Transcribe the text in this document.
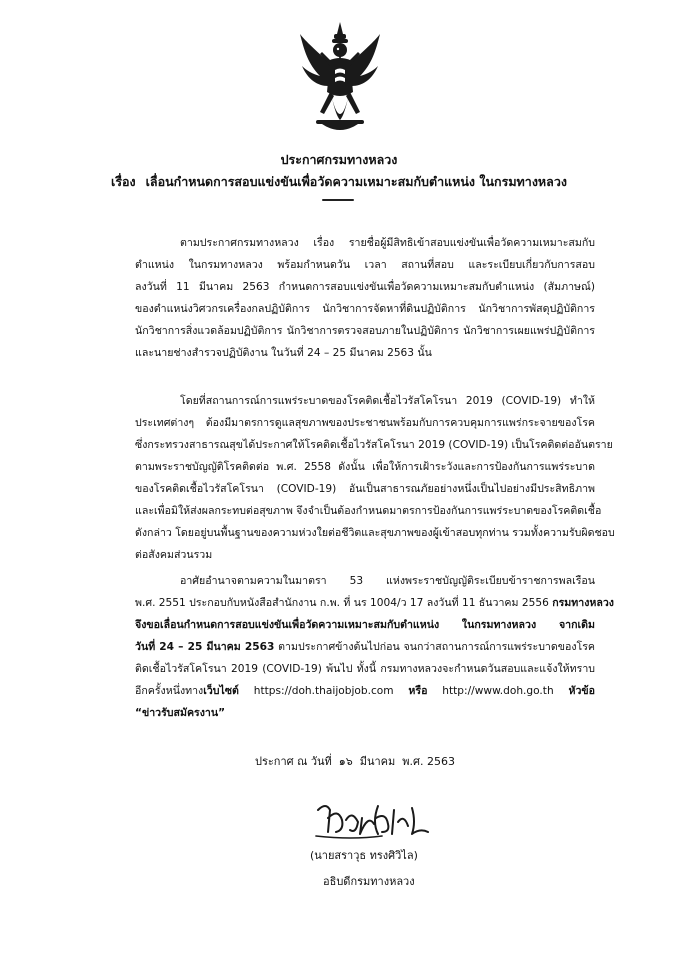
ประกาศกรมทางหลวง
เรื่อง เลื่อนกำหนดการสอบแข่งขันเพื่อวัดความเหมาะสมกับตำแหน่ง ในกรมทางหลวง
ตามประกาศกรมทางหลวง เรื่อง รายชื่อผู้มีสิทธิเข้าสอบแข่งขันเพื่อวัดความเหมาะสมกับ
ตำแหน่ง ในกรมทางหลวง พร้อมกำหนดวัน เวลา สถานที่สอบ และระเบียบเกี่ยวกับการสอบ
ลงวันที่ 11 มีนาคม 2563 กำหนดการสอบแข่งขันเพื่อวัดความเหมาะสมกับตำแหน่ง (สัมภาษณ์)
ของตำแหน่งวิศวกรเครื่องกลปฏิบัติการ นักวิชาการจัดหาที่ดินปฏิบัติการ นักวิชาการพัสดุปฏิบัติการ
นักวิชาการสิ่งแวดล้อมปฏิบัติการ นักวิชาการตรวจสอบภายในปฏิบัติการ นักวิชาการเผยแพร่ปฏิบัติการ
และนายช่างสำรวจปฏิบัติงาน ในวันที่ 24 – 25 มีนาคม 2563 นั้น
โดยที่สถานการณ์การแพร่ระบาดของโรคติดเชื้อไวรัสโคโรนา 2019 (COVID-19) ทำให้
ประเทศต่างๆ ต้องมีมาตรการดูแลสุขภาพของประชาชนพร้อมกับการควบคุมการแพร่กระจายของโรค
ซึ่งกระทรวงสาธารณสุขได้ประกาศให้โรคติดเชื้อไวรัสโคโรนา 2019 (COVID-19) เป็นโรคติดต่ออันตราย
ตามพระราชบัญญัติโรคติดต่อ พ.ศ. 2558 ดังนั้น เพื่อให้การเฝ้าระวังและการป้องกันการแพร่ระบาด
ของโรคติดเชื้อไวรัสโคโรนา (COVID-19) อันเป็นสาธารณภัยอย่างหนึ่งเป็นไปอย่างมีประสิทธิภาพ
และเพื่อมิให้ส่งผลกระทบต่อสุขภาพ จึงจำเป็นต้องกำหนดมาตรการป้องกันการแพร่ระบาดของโรคติดเชื้อ
ดังกล่าว โดยอยู่บนพื้นฐานของความห่วงใยต่อชีวิตและสุขภาพของผู้เข้าสอบทุกท่าน รวมทั้งความรับผิดชอบ
ต่อสังคมส่วนรวม
อาศัยอำนาจตามความในมาตรา 53 แห่งพระราชบัญญัติระเบียบข้าราชการพลเรือน
พ.ศ. 2551 ประกอบกับหนังสือสำนักงาน ก.พ. ที่ นร 1004/ว 17 ลงวันที่ 11 ธันวาคม 2556 กรมทางหลวง
จึงขอเลื่อนกำหนดการสอบแข่งขันเพื่อวัดความเหมาะสมกับตำแหน่ง ในกรมทางหลวง จากเดิม
วันที่ 24 – 25 มีนาคม 2563 ตามประกาศข้างต้นไปก่อน จนกว่าสถานการณ์การแพร่ระบาดของโรค
ติดเชื้อไวรัสโคโรนา 2019 (COVID-19) พ้นไป ทั้งนี้ กรมทางหลวงจะกำหนดวันสอบและแจ้งให้ทราบ
อีกครั้งหนึ่งทางเว็บไซต์ https://doh.thaijobjob.com หรือ http://www.doh.go.th หัวข้อ
“ข่าวรับสมัครงาน”
ประกาศ ณ วันที่ ๑๖ มีนาคม พ.ศ. 2563
(นายสราวุธ ทรงศิวิไล)
อธิบดีกรมทางหลวง
